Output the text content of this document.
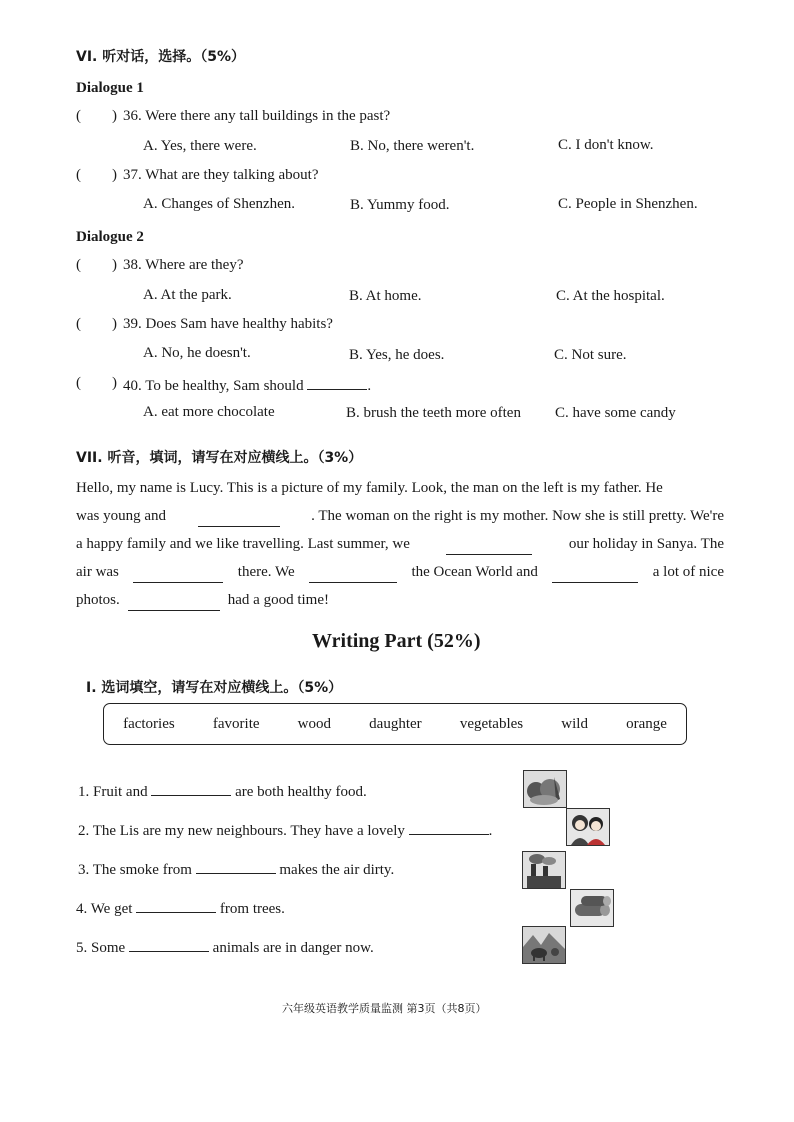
VI. 听对话，选择。（5%）
Dialogue 1
( ) 36. Were there any tall buildings in the past?
A. Yes, there were.	B. No, there weren't.	C. I don't know.
( ) 37. What are they talking about?
A. Changes of Shenzhen.	B. Yummy food.	C. People in Shenzhen.
Dialogue 2
( ) 38. Where are they?
A. At the park.	B. At home.	C. At the hospital.
( ) 39. Does Sam have healthy habits?
A. No, he doesn't.	B. Yes, he does.	C. Not sure.
( ) 40. To be healthy, Sam should	.
A. eat more chocolate	B. brush the teeth more often C. have some candy
VII. 听音，填词，请写在对应横线上。（3%）
Hello, my name is Lucy. This is a picture of my family. Look, the man on the left is my father. He
was young and	. The woman on the right is my mother. Now she is still pretty. We're
a happy family and we like travelling. Last summer, we	our holiday in Sanya. The
air was	there. We	the Ocean World and	a lot of nice
photos.	had a good time!
Writing Part (52%)
I. 选词填空，请写在对应横线上。（5%）
factories	favorite	wood	daughter	vegetables	wild	orange
1. Fruit and	are both healthy food.
2. The Lis are my new neighbours. They have a lovely	.
3. The smoke from	makes the air dirty.
4. We get	from trees.
5. Some	animals are in danger now.
六年级英语教学质量监测 第3页（共8页）
